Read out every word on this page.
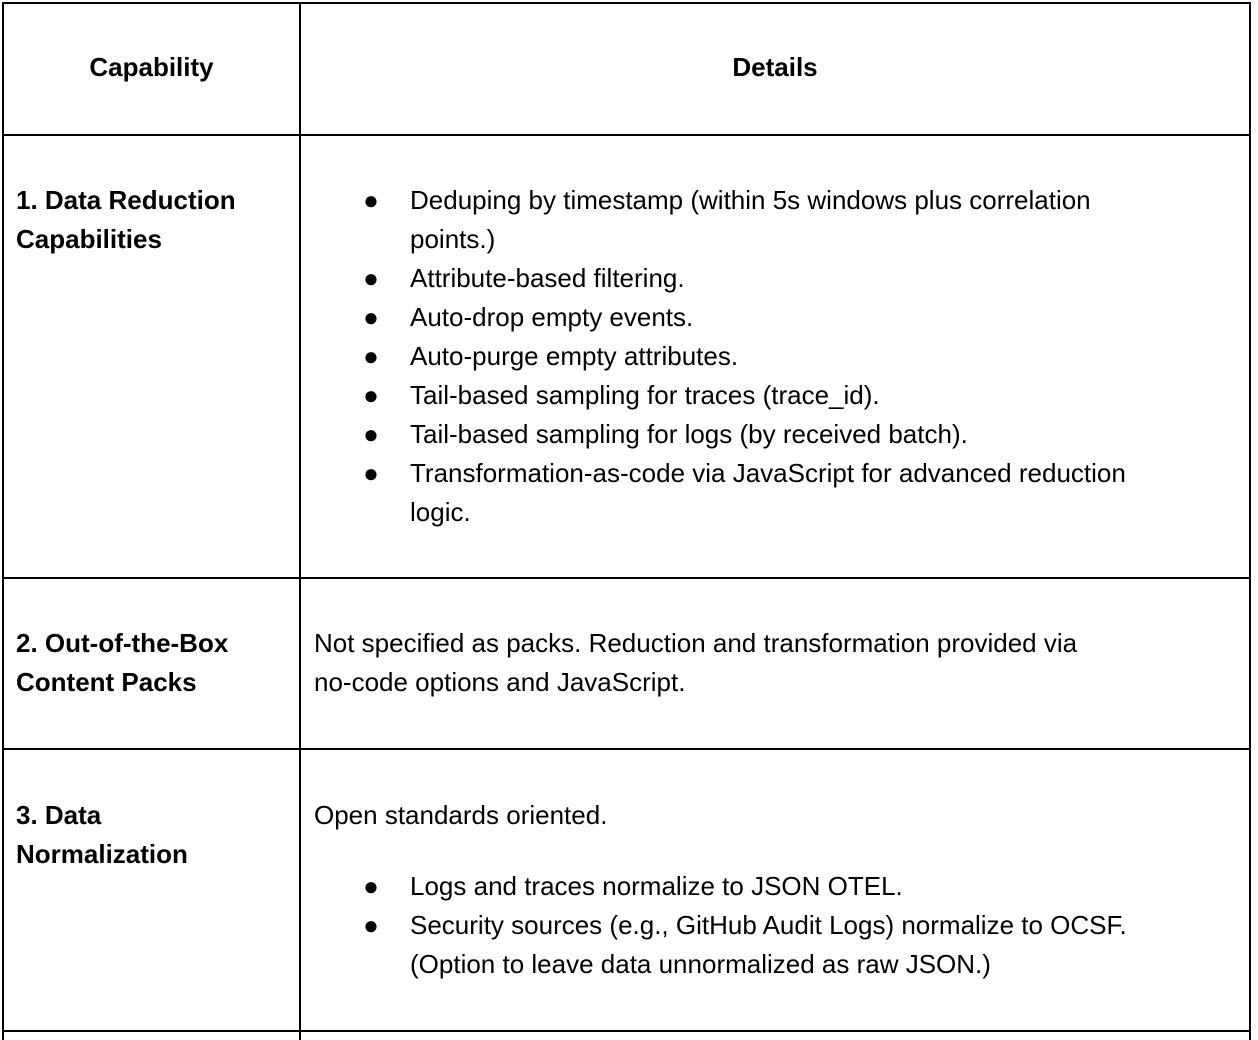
Capability	Details
1. Data Reduction
Capabilities
● Deduping by timestamp (within 5s windows plus correlation
points.)
● Attribute-based filtering.
● Auto-drop empty events.
● Auto-purge empty attributes.
● Tail-based sampling for traces (trace_id).
● Tail-based sampling for logs (by received batch).
● Transformation-as-code via JavaScript for advanced reduction
logic.
2. Out-of-the-Box
Content Packs
Not specified as packs. Reduction and transformation provided via
no-code options and JavaScript.
3. Data
Normalization
Open standards oriented.
● Logs and traces normalize to JSON OTEL.
● Security sources (e.g., GitHub Audit Logs) normalize to OCSF.
(Option to leave data unnormalized as raw JSON.)
